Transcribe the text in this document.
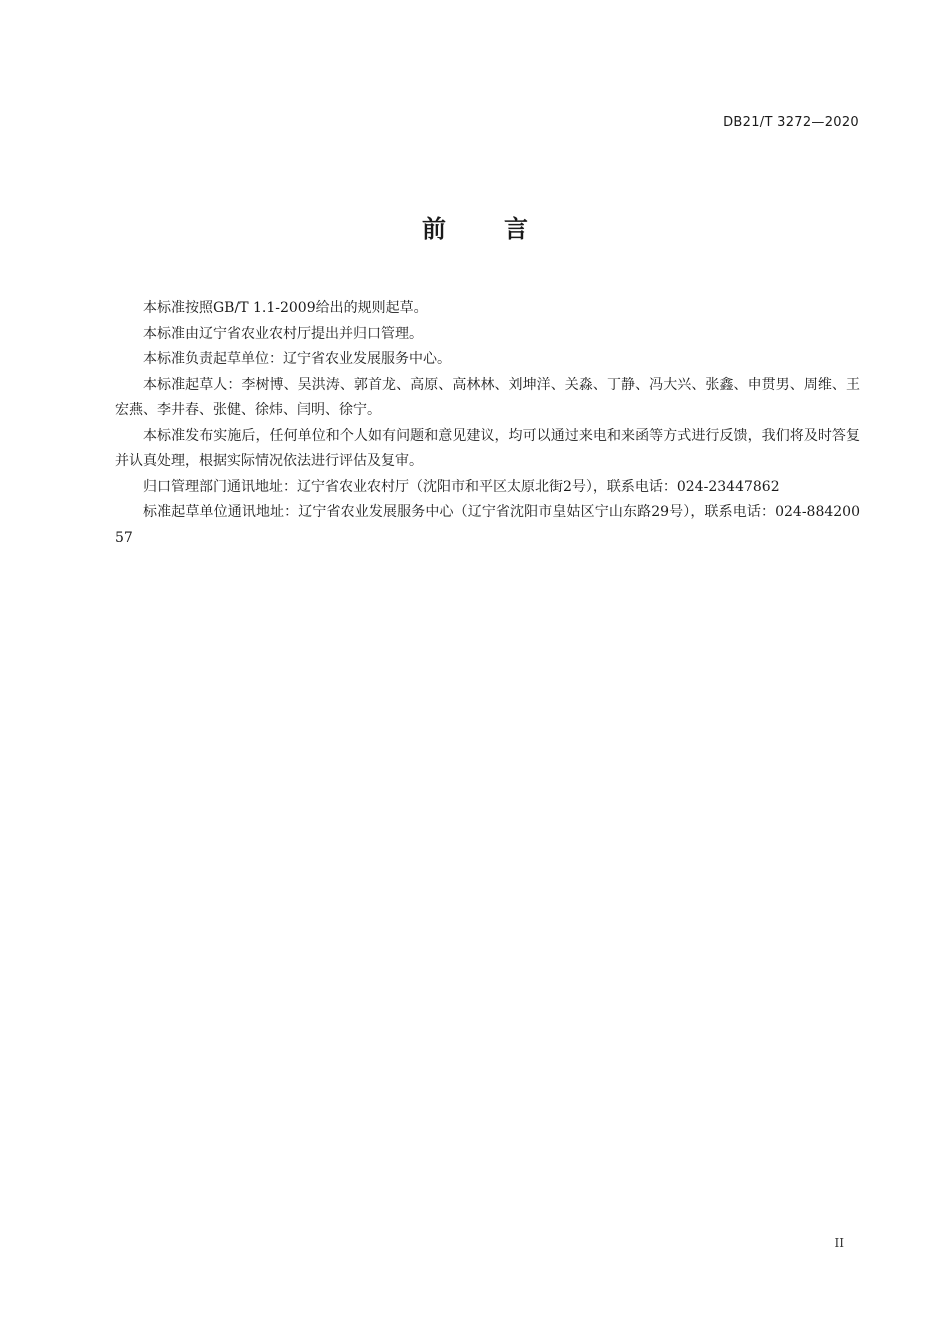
DB21/T 3272—2020
前 言

本标准按照GB/T 1.1-2009给出的规则起草。

本标准由辽宁省农业农村厅提出并归口管理。

本标准负责起草单位：辽宁省农业发展服务中心。

本标准起草人：李树博、吴洪涛、郭首龙、高原、高林林、刘坤洋、关淼、丁静、冯大兴、张鑫、申贯男、周维、王宏燕、李井春、张健、徐炜、闫明、徐宁。

本标准发布实施后，任何单位和个人如有问题和意见建议，均可以通过来电和来函等方式进行反馈，我们将及时答复并认真处理，根据实际情况依法进行评估及复审。

归口管理部门通讯地址：辽宁省农业农村厅（沈阳市和平区太原北街2号），联系电话：024-23447862

标准起草单位通讯地址：辽宁省农业发展服务中心（辽宁省沈阳市皇姑区宁山东路29号），联系电话：024-88420057

II
